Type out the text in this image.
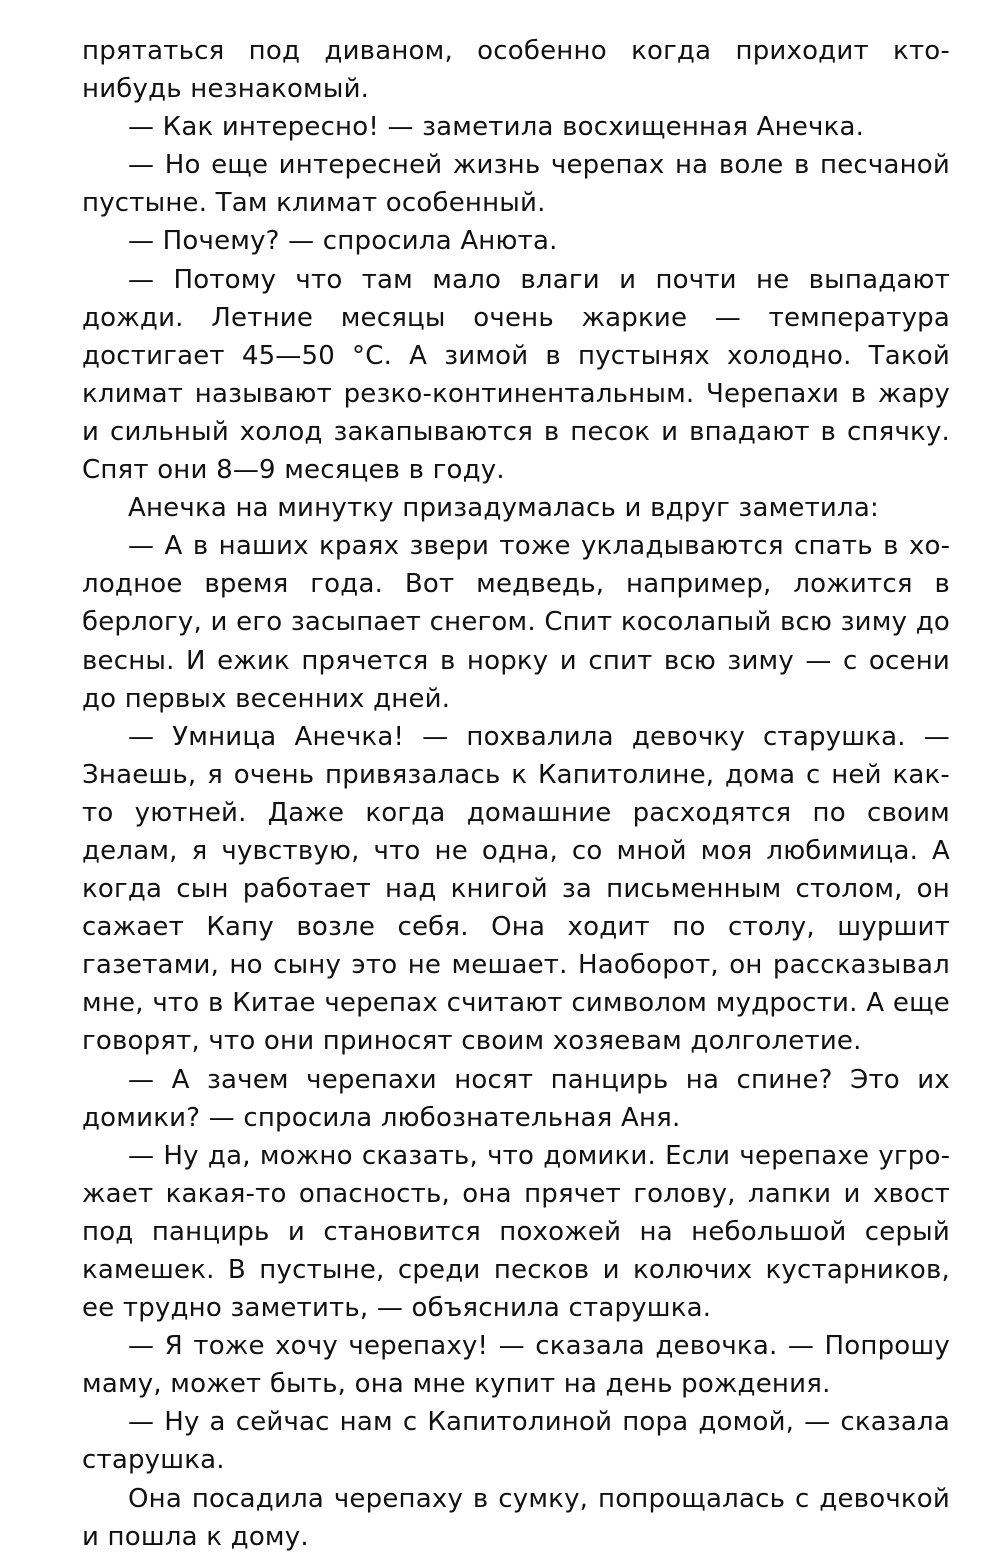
прятаться под диваном, особенно когда приходит кто-нибудь незнакомый.

— Как интересно! — заметила восхищенная Анечка.

— Но еще интересней жизнь черепах на воле в песчаной пустыне. Там климат особенный.

— Почему? — спросила Анюта.

— Потому что там мало влаги и почти не выпадают дожди. Летние месяцы очень жаркие — температура достигает 45—50 °С. А зимой в пустынях холодно. Такой климат называют резко-континентальным. Черепахи в жару и сильный холод закапываются в песок и впадают в спячку. Спят они 8—9 месяцев в году.

Анечка на минутку призадумалась и вдруг заметила:

— А в наших краях звери тоже укладываются спать в холодное время года. Вот медведь, например, ложится в берлогу, и его засыпает снегом. Спит косолапый всю зиму до весны. И ежик прячется в норку и спит всю зиму — с осени до первых весенних дней.

— Умница Анечка! — похвалила девочку старушка. — Знаешь, я очень привязалась к Капитолине, дома с ней как-то уютней. Даже когда домашние расходятся по своим делам, я чувствую, что не одна, со мной моя любимица. А когда сын работает над книгой за письменным столом, он сажает Капу возле себя. Она ходит по столу, шуршит газетами, но сыну это не мешает. Наоборот, он рассказывал мне, что в Китае черепах считают символом мудрости. А еще говорят, что они приносят своим хозяевам долголетие.

— А зачем черепахи носят панцирь на спине? Это их домики? — спросила любознательная Аня.

— Ну да, можно сказать, что домики. Если черепахе угрожает какая-то опасность, она прячет голову, лапки и хвост под панцирь и становится похожей на небольшой серый камешек. В пустыне, среди песков и колючих кустарников, ее трудно заметить, — объяснила старушка.

— Я тоже хочу черепаху! — сказала девочка. — Попрошу маму, может быть, она мне купит на день рождения.

— Ну а сейчас нам с Капитолиной пора домой, — сказала старушка.

Она посадила черепаху в сумку, попрощалась с девочкой и пошла к дому.
